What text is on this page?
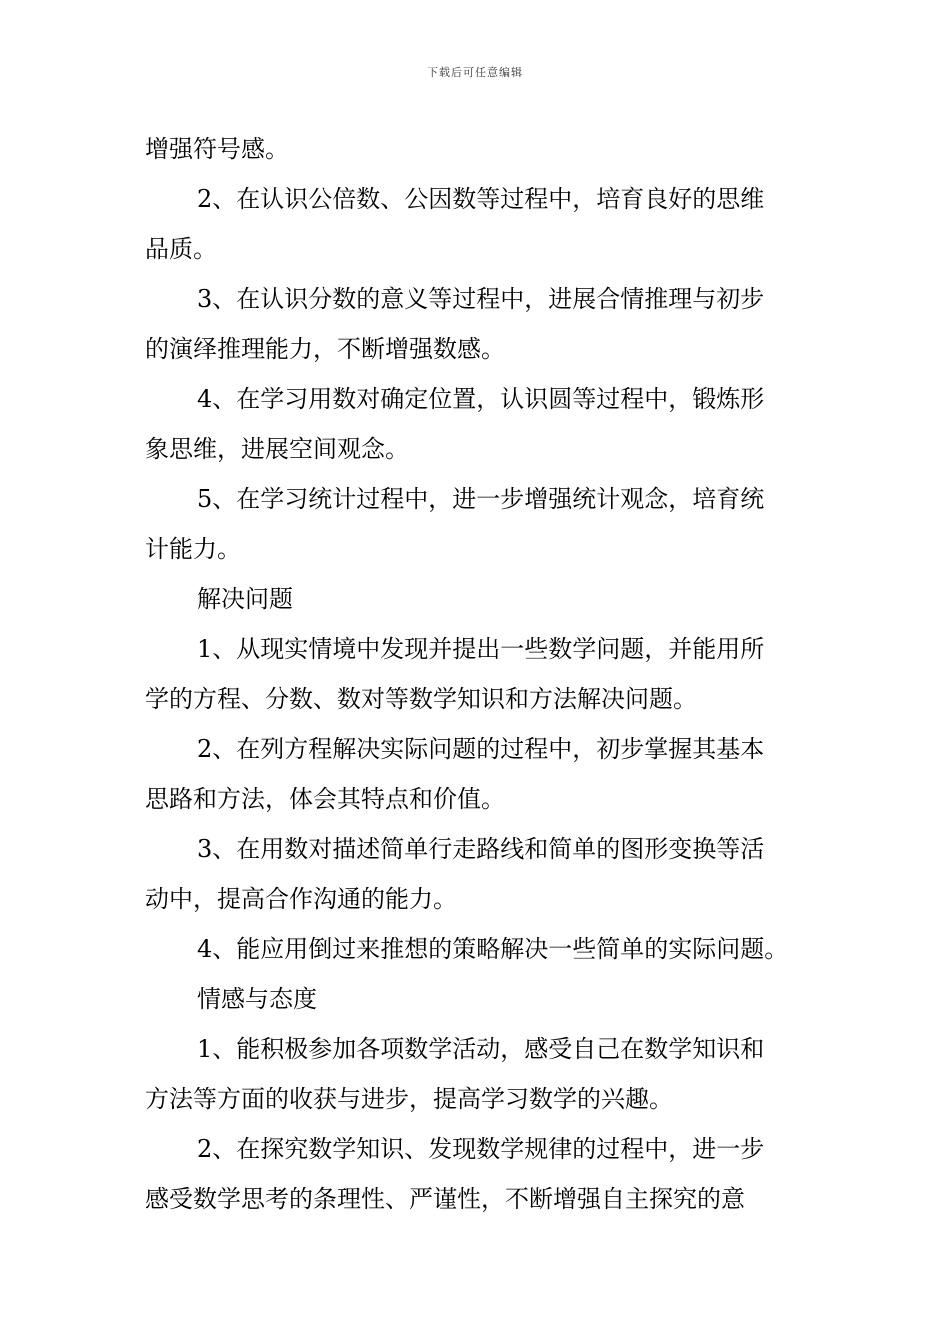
下载后可任意编辑
增强符号感。
2、在认识公倍数、公因数等过程中，培育良好的思维
品质。
3、在认识分数的意义等过程中，进展合情推理与初步
的演绎推理能力，不断增强数感。
4、在学习用数对确定位置，认识圆等过程中，锻炼形
象思维，进展空间观念。
5、在学习统计过程中，进一步增强统计观念，培育统
计能力。
解决问题
1、从现实情境中发现并提出一些数学问题，并能用所
学的方程、分数、数对等数学知识和方法解决问题。
2、在列方程解决实际问题的过程中，初步掌握其基本
思路和方法，体会其特点和价值。
3、在用数对描述简单行走路线和简单的图形变换等活
动中，提高合作沟通的能力。
4、能应用倒过来推想的策略解决一些简单的实际问题。
情感与态度
1、能积极参加各项数学活动，感受自己在数学知识和
方法等方面的收获与进步，提高学习数学的兴趣。
2、在探究数学知识、发现数学规律的过程中，进一步
感受数学思考的条理性、严谨性，不断增强自主探究的意
